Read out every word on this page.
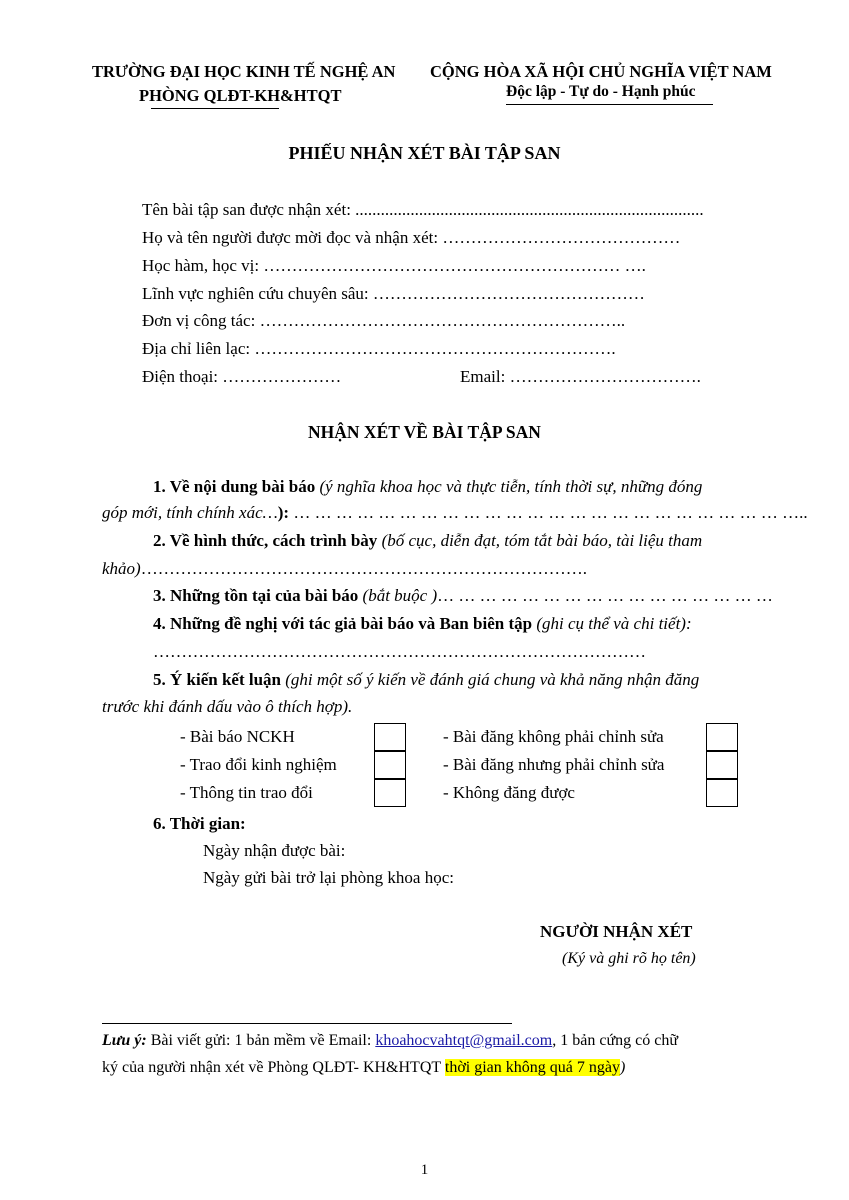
TRƯỜNG ĐẠI HỌC KINH TẾ NGHỆ AN
PHÒNG QLĐT-KH&HTQT
CỘNG HÒA XÃ HỘI CHỦ NGHĨA VIỆT NAM
Độc lập - Tự do - Hạnh phúc
PHIẾU NHẬN XÉT BÀI TẬP SAN
Tên bài tập san được nhận xét: ..................................................................................
Họ và tên người được mời đọc và nhận xét: ……………………………………
Học hàm, học vị: ……………………………………………………… ….
Lĩnh vực nghiên cứu chuyên sâu: …………………………………………
Đơn vị công tác: ………………………………………………………..
Địa chỉ liên lạc: ……………………………………………………….
Điện thoại: …………………	Email: …………………………….
NHẬN XÉT VỀ BÀI TẬP SAN
1. Về nội dung bài báo (ý nghĩa khoa học và thực tiễn, tính thời sự, những đóng
góp mới, tính chính xác…): … … … … … … … … … … … … … … … … … … … … … … … …..
2. Về hình thức, cách trình bày (bố cục, diễn đạt, tóm tắt bài báo, tài liệu tham
khảo)…………………………………………………………………….
3. Những tồn tại của bài báo (bắt buộc )… … … … … … … … … … … … … … … …
4. Những đề nghị với tác giả bài báo và Ban biên tập (ghi cụ thể và chi tiết):
……………………………………………………………………………
5. Ý kiến kết luận (ghi một số ý kiến về đánh giá chung và khả năng nhận đăng
trước khi đánh dấu vào ô thích hợp).
- Bài báo NCKH
- Trao đổi kinh nghiệm
- Thông tin trao đổi
- Bài đăng không phải chỉnh sửa
- Bài đăng nhưng phải chỉnh sửa
- Không đăng được
6. Thời gian:
Ngày nhận được bài:
Ngày gửi bài trở lại phòng khoa học:
NGƯỜI NHẬN XÉT
(Ký và ghi rõ họ tên)
Lưu ý: Bài viết gửi: 1 bản mềm về Email: khoahocvahtqt@gmail.com, 1 bản cứng có chữ
ký của người nhận xét về Phòng QLĐT- KH&HTQT thời gian không quá 7 ngày)
1
